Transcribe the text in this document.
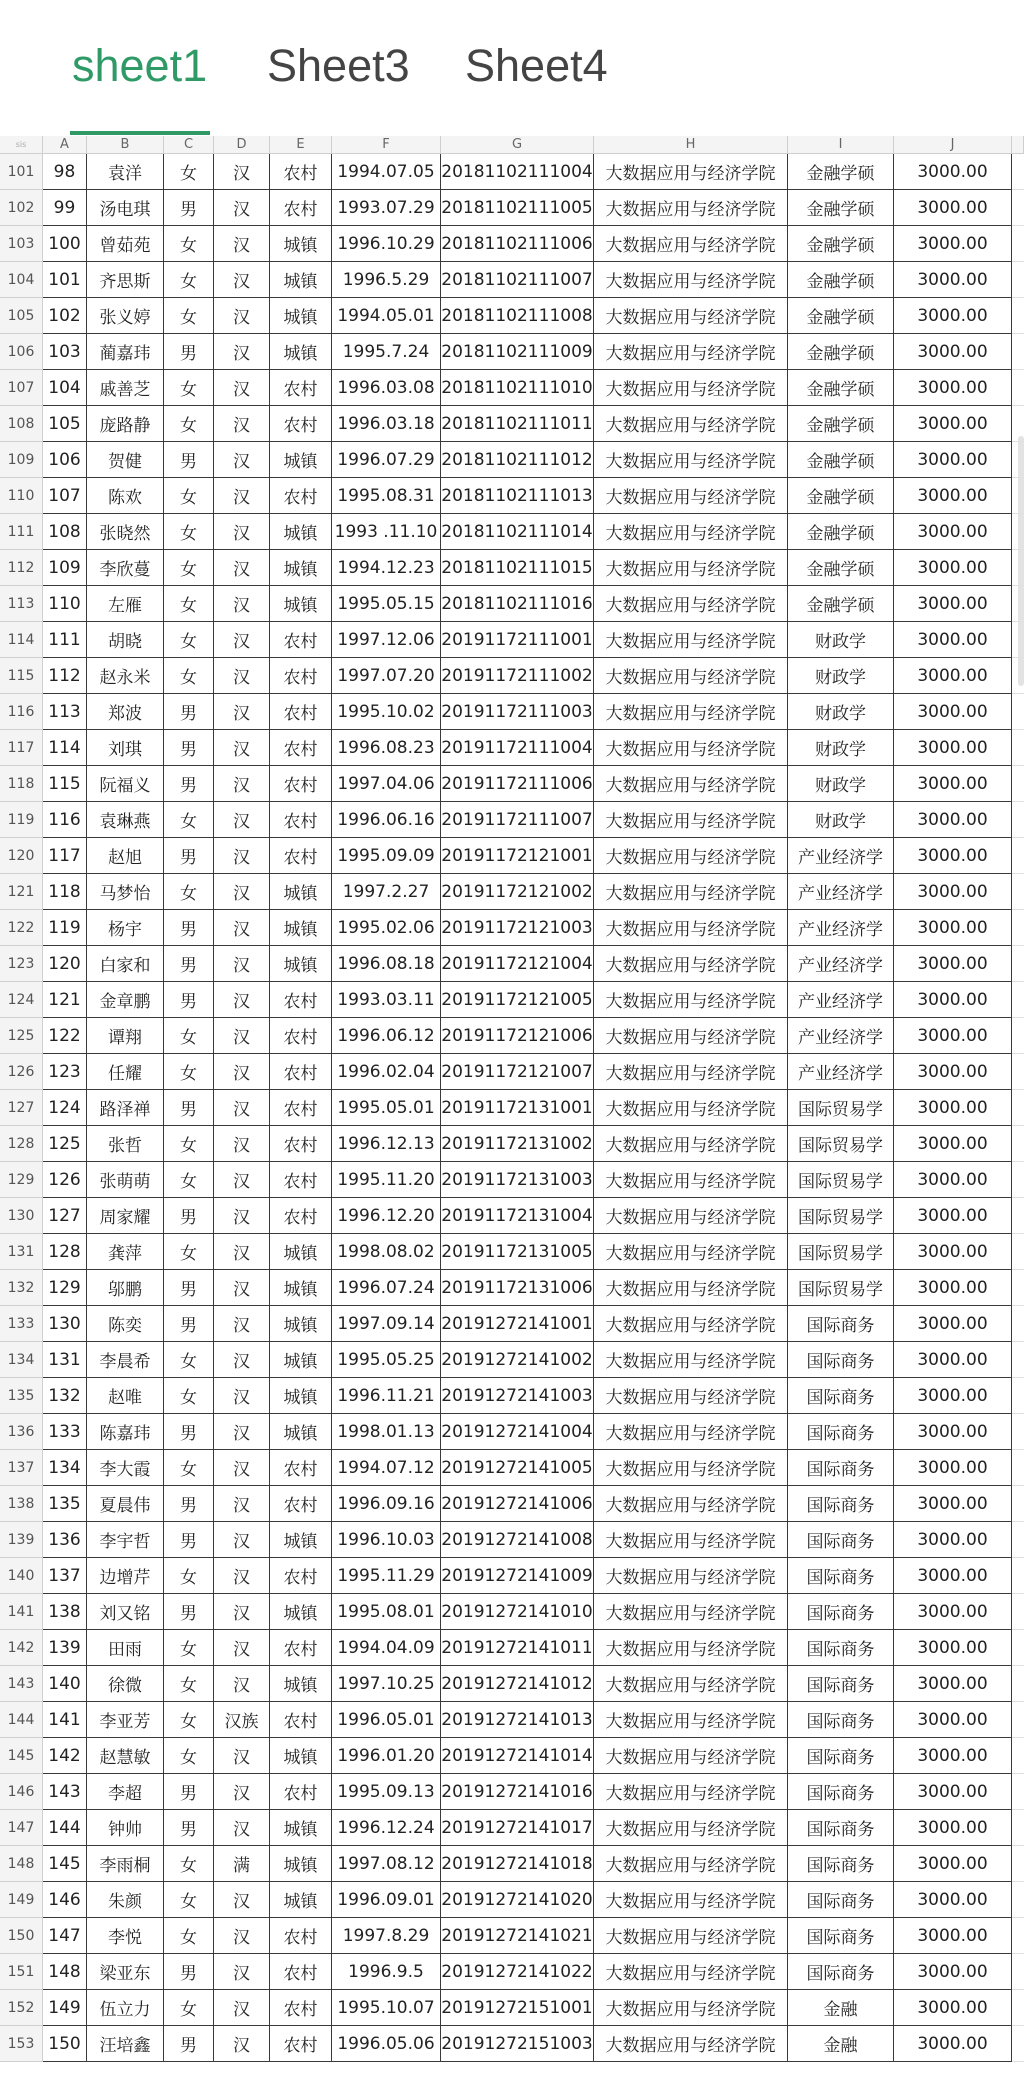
sheet1 Sheet3 Sheet4
sis	A	B	C	D	E	F	G	H	I	J
101	98	袁洋	女	汉	农村	1994.07.05 20181102111004 大数据应用与经济学院	金融学硕	3000.00
102	99	汤电琪	男	汉	农村	1993.07.29 20181102111005 大数据应用与经济学院	金融学硕	3000.00
103 100	曾茹苑	女	汉	城镇	1996.10.29 20181102111006 大数据应用与经济学院	金融学硕	3000.00
104 101	齐思斯	女	汉	城镇	1996.5.29 20181102111007 大数据应用与经济学院	金融学硕	3000.00
105 102	张义婷	女	汉	城镇	1994.05.01 20181102111008 大数据应用与经济学院	金融学硕	3000.00
106 103	蔺嘉玮	男	汉	城镇	1995.7.24 20181102111009 大数据应用与经济学院	金融学硕	3000.00
107 104	戚善芝	女	汉	农村	1996.03.08 20181102111010 大数据应用与经济学院	金融学硕	3000.00
108 105	庞路静	女	汉	农村	1996.03.18 20181102111011 大数据应用与经济学院	金融学硕	3000.00
109 106	贺健	男	汉	城镇	1996.07.29 20181102111012 大数据应用与经济学院	金融学硕	3000.00
110 107	陈欢	女	汉	农村	1995.08.31 20181102111013 大数据应用与经济学院	金融学硕	3000.00
111 108	张晓然	女	汉	城镇	1993 .11.10 20181102111014 大数据应用与经济学院	金融学硕	3000.00
112 109	李欣蔓	女	汉	城镇	1994.12.23 20181102111015 大数据应用与经济学院	金融学硕	3000.00
113 110	左雁	女	汉	城镇	1995.05.15 20181102111016 大数据应用与经济学院	金融学硕	3000.00
114 111	胡晓	女	汉	农村	1997.12.06 20191172111001 大数据应用与经济学院	财政学	3000.00
115 112	赵永米	女	汉	农村	1997.07.20 20191172111002 大数据应用与经济学院	财政学	3000.00
116 113	郑波	男	汉	农村	1995.10.02 20191172111003 大数据应用与经济学院	财政学	3000.00
117 114	刘琪	男	汉	农村	1996.08.23 20191172111004 大数据应用与经济学院	财政学	3000.00
118 115	阮福义	男	汉	农村	1997.04.06 20191172111006 大数据应用与经济学院	财政学	3000.00
119 116	袁琳燕	女	汉	农村	1996.06.16 20191172111007 大数据应用与经济学院	财政学	3000.00
120 117	赵旭	男	汉	农村	1995.09.09 20191172121001 大数据应用与经济学院	产业经济学	3000.00
121 118	马梦怡	女	汉	城镇	1997.2.27 20191172121002 大数据应用与经济学院	产业经济学	3000.00
122 119	杨宇	男	汉	城镇	1995.02.06 20191172121003 大数据应用与经济学院	产业经济学	3000.00
123 120	白家和	男	汉	城镇	1996.08.18 20191172121004 大数据应用与经济学院	产业经济学	3000.00
124 121	金章鹏	男	汉	农村	1993.03.11 20191172121005 大数据应用与经济学院	产业经济学	3000.00
125 122	谭翔	女	汉	农村	1996.06.12 20191172121006 大数据应用与经济学院	产业经济学	3000.00
126 123	任耀	女	汉	农村	1996.02.04 20191172121007 大数据应用与经济学院	产业经济学	3000.00
127 124	路泽禅	男	汉	农村	1995.05.01 20191172131001 大数据应用与经济学院	国际贸易学	3000.00
128 125	张哲	女	汉	农村	1996.12.13 20191172131002 大数据应用与经济学院	国际贸易学	3000.00
129 126	张萌萌	女	汉	农村	1995.11.20 20191172131003 大数据应用与经济学院	国际贸易学	3000.00
130 127	周家耀	男	汉	农村	1996.12.20 20191172131004 大数据应用与经济学院	国际贸易学	3000.00
131 128	龚萍	女	汉	城镇	1998.08.02 20191172131005 大数据应用与经济学院	国际贸易学	3000.00
132 129	邬鹏	男	汉	城镇	1996.07.24 20191172131006 大数据应用与经济学院	国际贸易学	3000.00
133 130	陈奕	男	汉	城镇	1997.09.14 20191272141001 大数据应用与经济学院	国际商务	3000.00
134 131	李晨希	女	汉	城镇	1995.05.25 20191272141002 大数据应用与经济学院	国际商务	3000.00
135 132	赵唯	女	汉	城镇	1996.11.21 20191272141003 大数据应用与经济学院	国际商务	3000.00
136 133	陈嘉玮	男	汉	城镇	1998.01.13 20191272141004 大数据应用与经济学院	国际商务	3000.00
137 134	李大霞	女	汉	农村	1994.07.12 20191272141005 大数据应用与经济学院	国际商务	3000.00
138 135	夏晨伟	男	汉	农村	1996.09.16 20191272141006 大数据应用与经济学院	国际商务	3000.00
139 136	李宇哲	男	汉	城镇	1996.10.03 20191272141008 大数据应用与经济学院	国际商务	3000.00
140 137	边增芹	女	汉	农村	1995.11.29 20191272141009 大数据应用与经济学院	国际商务	3000.00
141 138	刘又铭	男	汉	城镇	1995.08.01 20191272141010 大数据应用与经济学院	国际商务	3000.00
142 139	田雨	女	汉	农村	1994.04.09 20191272141011 大数据应用与经济学院	国际商务	3000.00
143 140	徐微	女	汉	城镇	1997.10.25 20191272141012 大数据应用与经济学院	国际商务	3000.00
144 141	李亚芳	女	汉族	农村	1996.05.01 20191272141013 大数据应用与经济学院	国际商务	3000.00
145 142	赵慧敏	女	汉	城镇	1996.01.20 20191272141014 大数据应用与经济学院	国际商务	3000.00
146 143	李超	男	汉	农村	1995.09.13 20191272141016 大数据应用与经济学院	国际商务	3000.00
147 144	钟帅	男	汉	城镇	1996.12.24 20191272141017 大数据应用与经济学院	国际商务	3000.00
148 145	李雨桐	女	满	城镇	1997.08.12 20191272141018 大数据应用与经济学院	国际商务	3000.00
149 146	朱颜	女	汉	城镇	1996.09.01 20191272141020 大数据应用与经济学院	国际商务	3000.00
150 147	李悦	女	汉	农村	1997.8.29 20191272141021 大数据应用与经济学院	国际商务	3000.00
151 148	梁亚东	男	汉	农村	1996.9.5	20191272141022 大数据应用与经济学院	国际商务	3000.00
152 149	伍立力	女	汉	农村	1995.10.07 20191272151001 大数据应用与经济学院	金融	3000.00
153 150	汪培鑫	男	汉	农村	1996.05.06 20191272151003 大数据应用与经济学院	金融	3000.00
